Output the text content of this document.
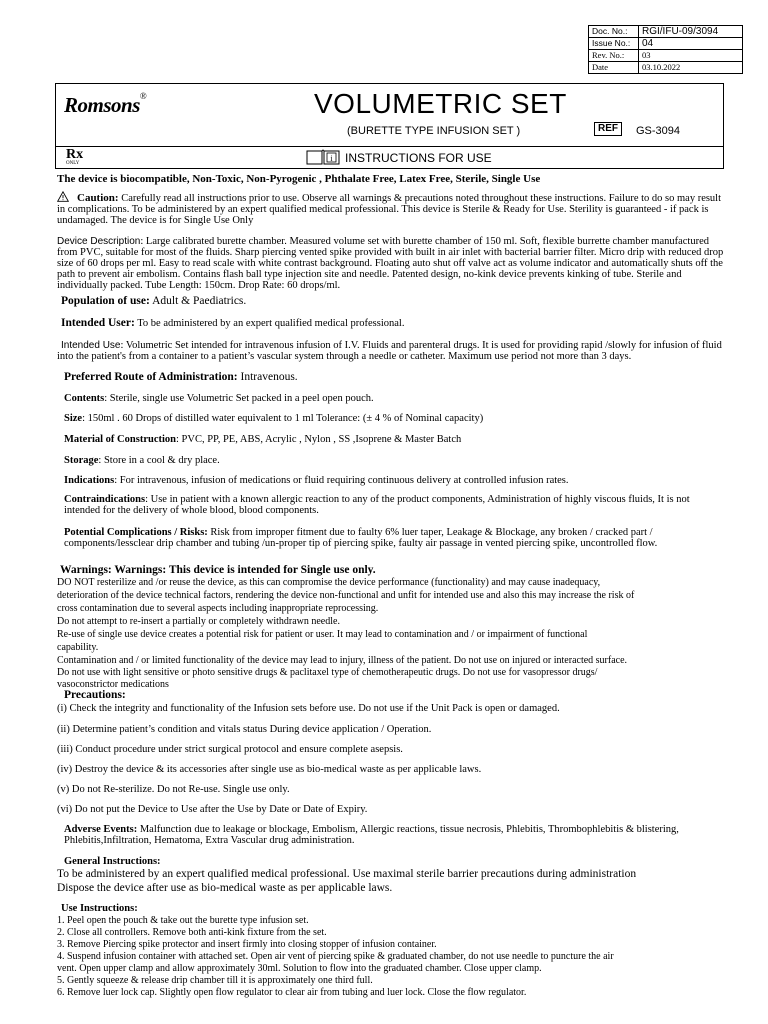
Doc. No.:	RGI/IFU-09/3094
Issue No.:	04
Rev. No.:	03
Date	03.10.2022
Romsons®	VOLUMETRIC SET
(BURETTE TYPE INFUSION SET )	REF	GS-3094
Rx
ONLY
i INSTRUCTIONS FOR USE
The device is biocompatible, Non-Toxic, Non-Pyrogenic , Phthalate Free, Latex Free, Sterile, Single Use
Caution: Carefully read all instructions prior to use. Observe all warnings & precautions noted throughout these instructions. Failure to do so may result in complications. To be administered by an expert qualified medical professional. This device is Sterile & Ready for Use. Sterility is guaranteed - if pack is undamaged. The device is for Single Use Only
Device Description: Large calibrated burette chamber. Measured volume set with burette chamber of 150 ml. Soft, flexible burrette chamber manufactured from PVC, suitable for most of the fluids. Sharp piercing vented spike provided with built in air inlet with bacterial barrier filter. Micro drip with reduced drop size of 60 drops per ml. Easy to read scale with white contrast background. Floating auto shut off valve act as volume indicator and automatically shuts off the path to prevent air embolism. Contains flash ball type injection site and needle. Patented design, no-kink device prevents kinking of tube. Sterile and individually packed. Tube Length: 150cm. Drop Rate: 60 drops/ml.
Population of use: Adult & Paediatrics.
Intended User: To be administered by an expert qualified medical professional.
Intended Use: Volumetric Set intended for intravenous infusion of I.V. Fluids and parenteral drugs. It is used for providing rapid /slowly for infusion of fluid into the patient's from a container to a patient’s vascular system through a needle or catheter. Maximum use period not more than 3 days.
Preferred Route of Administration: Intravenous.
Contents: Sterile, single use Volumetric Set packed in a peel open pouch.
Size: 150ml . 60 Drops of distilled water equivalent to 1 ml Tolerance: (± 4 % of Nominal capacity)
Material of Construction: PVC, PP, PE, ABS, Acrylic , Nylon , SS ,Isoprene & Master Batch
Storage: Store in a cool & dry place.
Indications: For intravenous, infusion of medications or fluid requiring continuous delivery at controlled infusion rates.
Contraindications: Use in patient with a known allergic reaction to any of the product components, Administration of highly viscous fluids, It is not intended for the delivery of whole blood, blood components.
Potential Complications / Risks: Risk from improper fitment due to faulty 6% luer taper, Leakage & Blockage, any broken / cracked part / components/lessclear drip chamber and tubing /un-proper tip of piercing spike, faulty air passage in vented piercing spike, uncontrolled flow.
Warnings: Warnings: This device is intended for Single use only.
DO NOT resterilize and /or reuse the device, as this can compromise the device performance (functionality) and may cause inadequacy,
deterioration of the device technical factors, rendering the device non-functional and unfit for intended use and also this may increase the risk of
cross contamination due to several aspects including inappropriate reprocessing.
Do not attempt to re-insert a partially or completely withdrawn needle.
Re-use of single use device creates a potential risk for patient or user. It may lead to contamination and / or impairment of functional
capability.
Contamination and / or limited functionality of the device may lead to injury, illness of the patient. Do not use on injured or interacted surface.
Do not use with light sensitive or photo sensitive drugs & paclitaxel type of chemotherapeutic drugs. Do not use for vasopressor drugs/
vasoconstrictor medications
Precautions:
(i) Check the integrity and functionality of the Infusion sets before use. Do not use if the Unit Pack is open or damaged.
(ii) Determine patient’s condition and vitals status During device application / Operation.
(iii) Conduct procedure under strict surgical protocol and ensure complete asepsis.
(iv) Destroy the device & its accessories after single use as bio-medical waste as per applicable laws.
(v) Do not Re-sterilize. Do not Re-use. Single use only.
(vi) Do not put the Device to Use after the Use by Date or Date of Expiry.
Adverse Events: Malfunction due to leakage or blockage, Embolism, Allergic reactions, tissue necrosis, Phlebitis, Thrombophlebitis & blistering, Phlebitis,Infiltration, Hematoma, Extra Vascular drug administration.
General Instructions:
To be administered by an expert qualified medical professional. Use maximal sterile barrier precautions during administration
Dispose the device after use as bio-medical waste as per applicable laws.
Use Instructions:
1. Peel open the pouch & take out the burette type infusion set.
2. Close all controllers. Remove both anti-kink fixture from the set.
3. Remove Piercing spike protector and insert firmly into closing stopper of infusion container.
4. Suspend infusion container with attached set. Open air vent of piercing spike & graduated chamber, do not use needle to puncture the air
vent. Open upper clamp and allow approximately 30ml. Solution to flow into the graduated chamber. Close upper clamp.
5. Gently squeeze & release drip chamber till it is approximately one third full.
6. Remove luer lock cap. Slightly open flow regulator to clear air from tubing and luer lock. Close the flow regulator.
